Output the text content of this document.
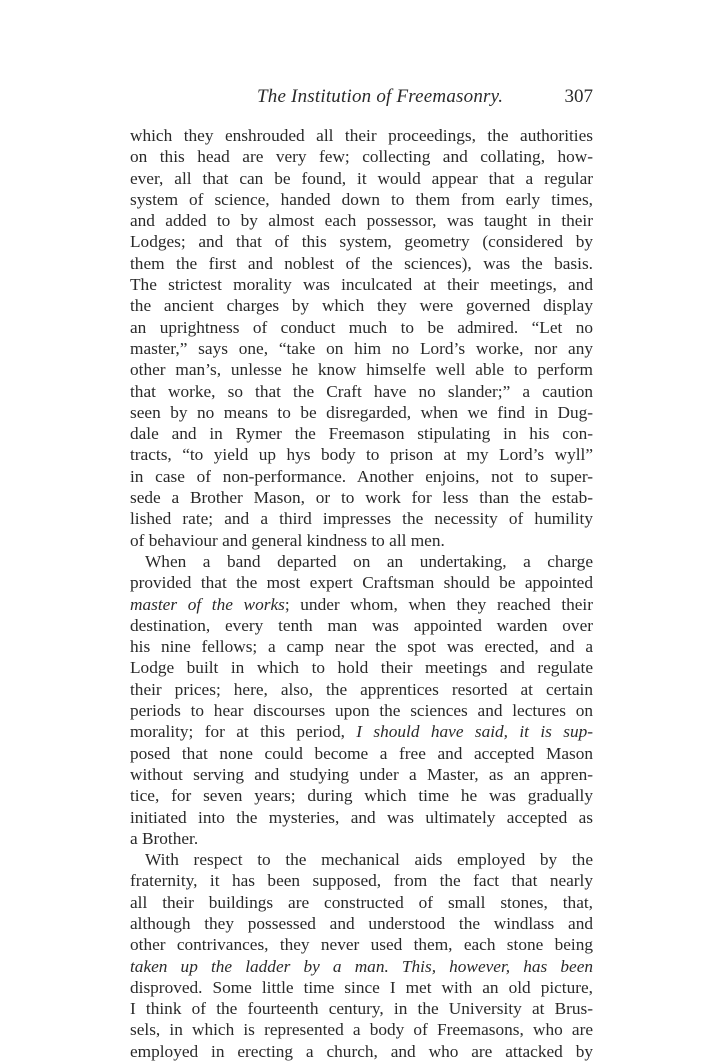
The Institution of Freemasonry.	307
which they enshrouded all their proceedings, the authorities
on this head are very few; collecting and collating, how-
ever, all that can be found, it would appear that a regular
system of science, handed down to them from early times,
and added to by almost each possessor, was taught in their
Lodges; and that of this system, geometry (considered by
them the first and noblest of the sciences), was the basis.
The strictest morality was inculcated at their meetings, and
the ancient charges by which they were governed display
an uprightness of conduct much to be admired. “Let no
master,” says one, “take on him no Lord’s worke, nor any
other man’s, unlesse he know himselfe well able to perform
that worke, so that the Craft have no slander;” a caution
seen by no means to be disregarded, when we find in Dug-
dale and in Rymer the Freemason stipulating in his con-
tracts, “to yield up hys body to prison at my Lord’s wyll”
in case of non-performance. Another enjoins, not to super-
sede a Brother Mason, or to work for less than the estab-
lished rate; and a third impresses the necessity of humility
of behaviour and general kindness to all men.
When a band departed on an undertaking, a charge
provided that the most expert Craftsman should be appointed
master of the works; under whom, when they reached their
destination, every tenth man was appointed warden over
his nine fellows; a camp near the spot was erected, and a
Lodge built in which to hold their meetings and regulate
their prices; here, also, the apprentices resorted at certain
periods to hear discourses upon the sciences and lectures on
morality; for at this period, I should have said, it is sup-
posed that none could become a free and accepted Mason
without serving and studying under a Master, as an appren-
tice, for seven years; during which time he was gradually
initiated into the mysteries, and was ultimately accepted as
a Brother.
With respect to the mechanical aids employed by the
fraternity, it has been supposed, from the fact that nearly
all their buildings are constructed of small stones, that,
although they possessed and understood the windlass and
other contrivances, they never used them, each stone being
taken up the ladder by a man. This, however, has been
disproved. Some little time since I met with an old picture,
I think of the fourteenth century, in the University at Brus-
sels, in which is represented a body of Freemasons, who are
employed in erecting a church, and who are attacked by
